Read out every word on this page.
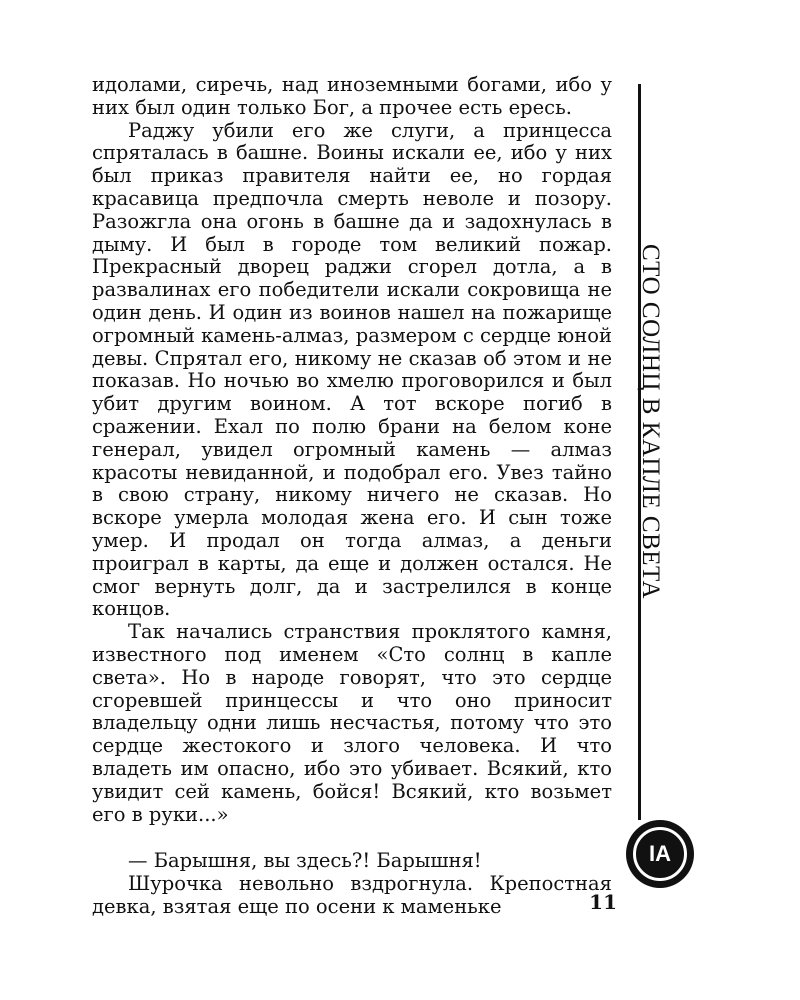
идолами, сиречь, над иноземными богами, ибо у них был один только Бог, а прочее есть ересь.

Раджу убили его же слуги, а принцесса спряталась в башне. Воины искали ее, ибо у них был приказ правителя найти ее, но гордая красавица предпочла смерть неволе и позору. Разожгла она огонь в башне да и задохнулась в дыму. И был в городе том великий пожар. Прекрасный дворец раджи сгорел дотла, а в развалинах его победители искали сокровища не один день. И один из воинов нашел на пожарище огромный камень-алмаз, размером с сердце юной девы. Спрятал его, никому не сказав об этом и не показав. Но ночью во хмелю проговорился и был убит другим воином. А тот вскоре погиб в сражении. Ехал по полю брани на белом коне генерал, увидел огромный камень — алмаз красоты невиданной, и подобрал его. Увез тайно в свою страну, никому ничего не сказав. Но вскоре умерла молодая жена его. И сын тоже умер. И продал он тогда алмаз, а деньги проиграл в карты, да еще и должен остался. Не смог вернуть долг, да и застрелился в конце концов.

Так начались странствия проклятого камня, известного под именем «Сто солнц в капле света». Но в народе говорят, что это сердце сгоревшей принцессы и что оно приносит владельцу одни лишь несчастья, потому что это сердце жестокого и злого человека. И что владеть им опасно, ибо это убивает. Всякий, кто увидит сей камень, бойся! Всякий, кто возьмет его в руки...»

— Барышня, вы здесь?! Барышня!

Шурочка невольно вздрогнула. Крепостная девка, взятая еще по осени к маменьке

СТО СОЛНЦ В КАПЛЕ СВЕТА
ІА
11
